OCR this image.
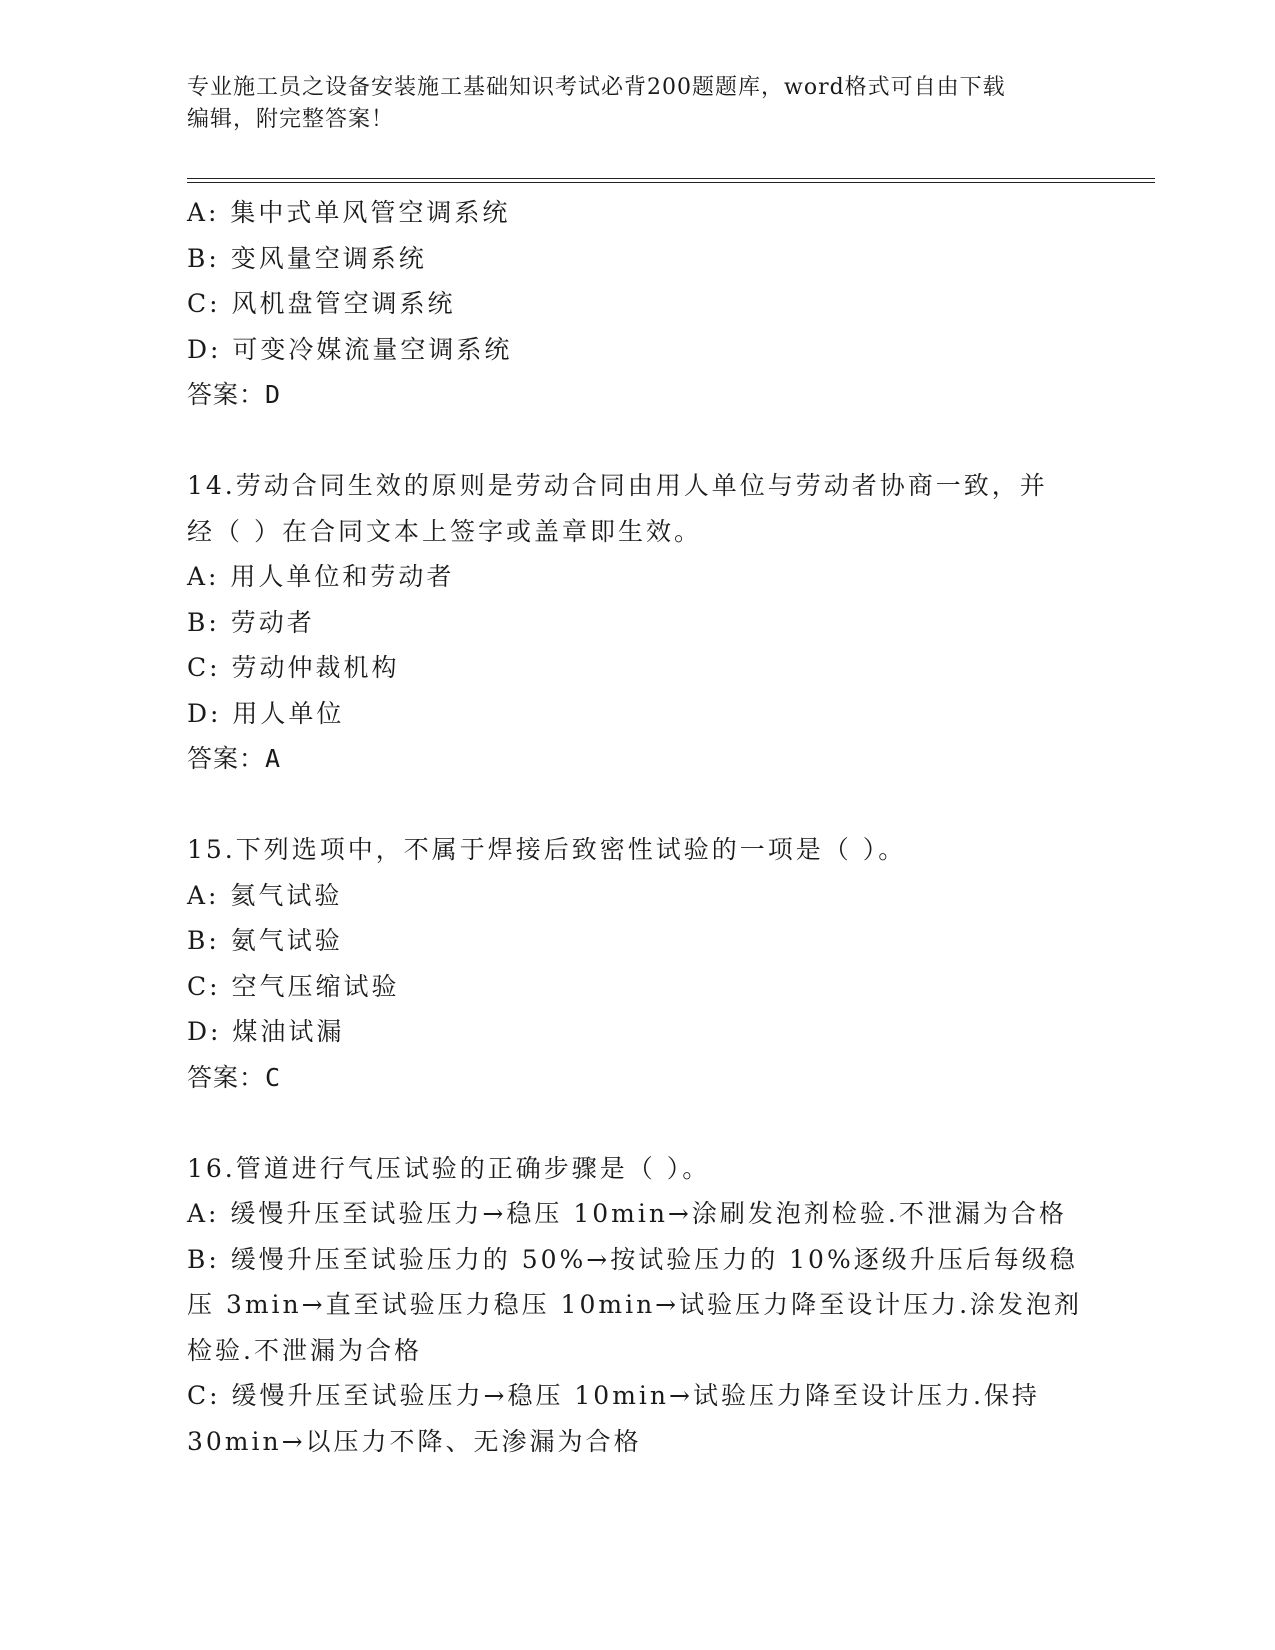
专业施工员之设备安装施工基础知识考试必背200题题库，word格式可自由下载
编辑，附完整答案！
A: 集中式单风管空调系统
B: 变风量空调系统
C: 风机盘管空调系统
D: 可变冷媒流量空调系统
答案：D
14.劳动合同生效的原则是劳动合同由用人单位与劳动者协商一致，并
经（ ）在合同文本上签字或盖章即生效。
A: 用人单位和劳动者
B: 劳动者
C: 劳动仲裁机构
D: 用人单位
答案：A
15.下列选项中，不属于焊接后致密性试验的一项是（ ）。
A: 氦气试验
B: 氨气试验
C: 空气压缩试验
D: 煤油试漏
答案：C
16.管道进行气压试验的正确步骤是（ ）。
A: 缓慢升压至试验压力→稳压 10min→涂刷发泡剂检验.不泄漏为合格
B: 缓慢升压至试验压力的 50%→按试验压力的 10%逐级升压后每级稳
压 3min→直至试验压力稳压 10min→试验压力降至设计压力.涂发泡剂
检验.不泄漏为合格
C: 缓慢升压至试验压力→稳压 10min→试验压力降至设计压力.保持
30min→以压力不降、无渗漏为合格
